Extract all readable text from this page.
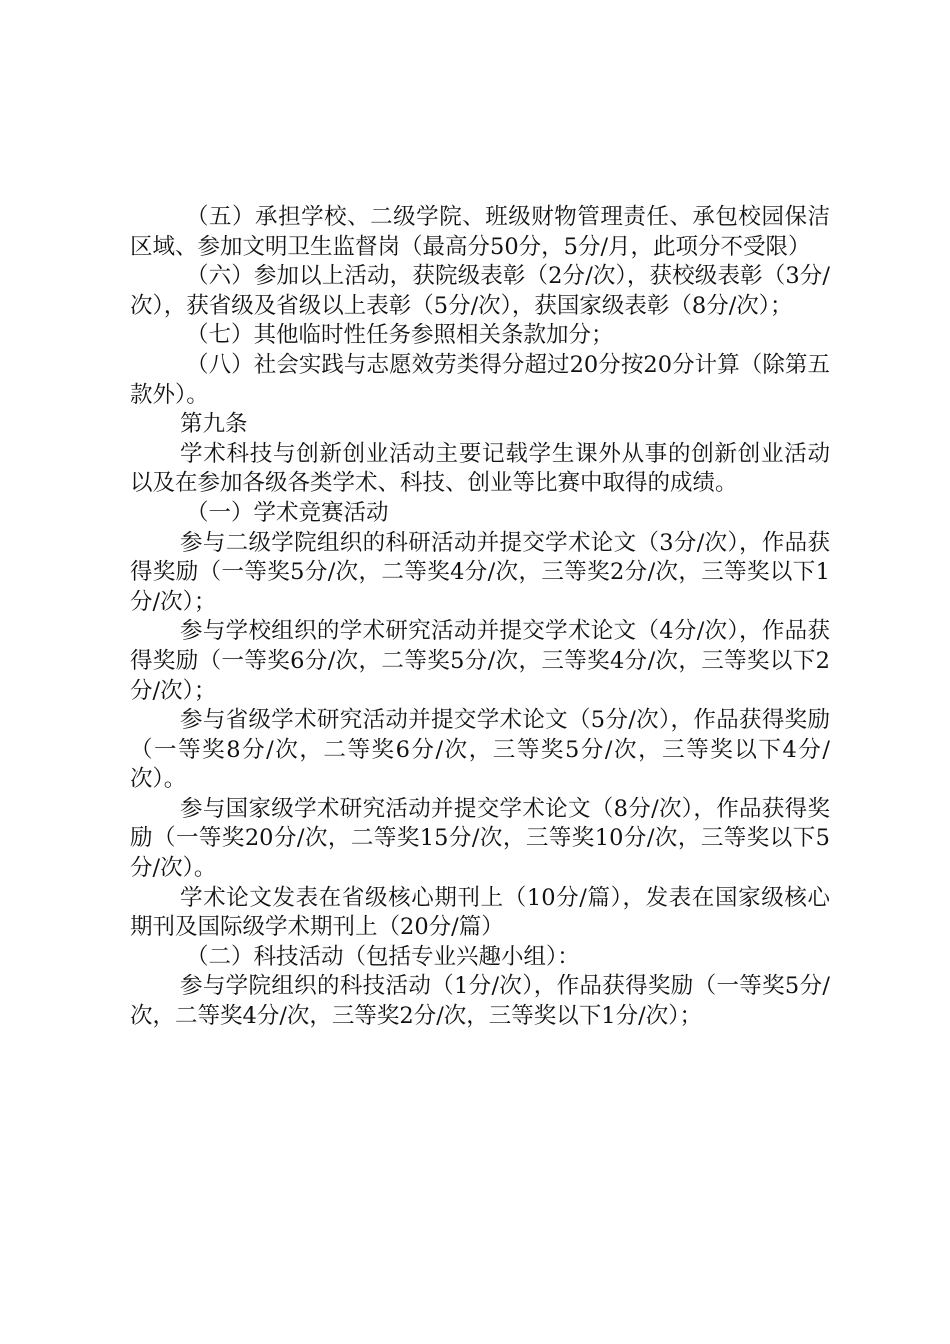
（五）承担学校、二级学院、班级财物管理责任、承包校园保洁区域、参加文明卫生监督岗（最高分50分，5分/月，此项分不受限）

（六）参加以上活动，获院级表彰（2分/次），获校级表彰（3分/次），获省级及省级以上表彰（5分/次），获国家级表彰（8分/次）；

（七）其他临时性任务参照相关条款加分；

（八）社会实践与志愿效劳类得分超过20分按20分计算（除第五款外）。

第九条

学术科技与创新创业活动主要记载学生课外从事的创新创业活动以及在参加各级各类学术、科技、创业等比赛中取得的成绩。

（一）学术竞赛活动

参与二级学院组织的科研活动并提交学术论文（3分/次），作品获得奖励（一等奖5分/次，二等奖4分/次，三等奖2分/次，三等奖以下1分/次）；

参与学校组织的学术研究活动并提交学术论文（4分/次），作品获得奖励（一等奖6分/次，二等奖5分/次，三等奖4分/次，三等奖以下2分/次）；

参与省级学术研究活动并提交学术论文（5分/次），作品获得奖励（一等奖8分/次，二等奖6分/次，三等奖5分/次，三等奖以下4分/次）。

参与国家级学术研究活动并提交学术论文（8分/次），作品获得奖励（一等奖20分/次，二等奖15分/次，三等奖10分/次，三等奖以下5分/次）。

学术论文发表在省级核心期刊上（10分/篇），发表在国家级核心期刊及国际级学术期刊上（20分/篇）

（二）科技活动（包括专业兴趣小组）：

参与学院组织的科技活动（1分/次），作品获得奖励（一等奖5分/次，二等奖4分/次，三等奖2分/次，三等奖以下1分/次）；
